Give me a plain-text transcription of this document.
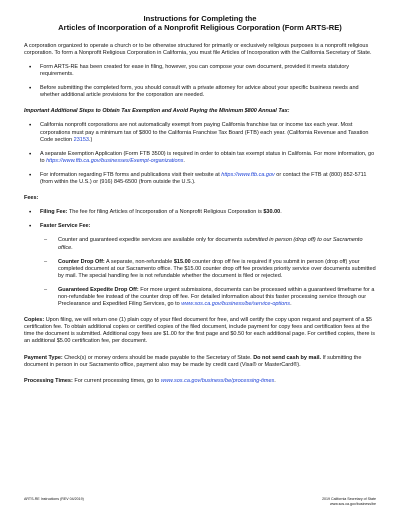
Instructions for Completing the
Articles of Incorporation of a Nonprofit Religious Corporation (Form ARTS-RE)

A corporation organized to operate a church or to be otherwise structured for primarily or exclusively religious purposes is a nonprofit religious corporation. To form a Nonprofit Religious Corporation in California, you must file Articles of Incorporation with the California Secretary of State.

• Form ARTS-RE has been created for ease in filing, however, you can compose your own document, provided it meets statutory requirements.
• Before submitting the completed form, you should consult with a private attorney for advice about your specific business needs and whether additional article provisions for the corporation are needed.

Important Additional Steps to Obtain Tax Exemption and Avoid Paying the Minimum $800 Annual Tax:

• California nonprofit corporations are not automatically exempt from paying California franchise tax or income tax each year. Most corporations must pay a minimum tax of $800 to the California Franchise Tax Board (FTB) each year. (California Revenue and Taxation Code section 23153.)
• A separate Exemption Application (Form FTB 3500) is required in order to obtain tax exempt status in California. For more information, go to https://www.ftb.ca.gov/businesses/Exempt-organizations.
• For information regarding FTB forms and publications visit their website at https://www.ftb.ca.gov or contact the FTB at (800) 852-5711 (from within the U.S.) or (916) 845-6500 (from outside the U.S.).

Fees:

• Filing Fee: The fee for filing Articles of Incorporation of a Nonprofit Religious Corporation is $30.00.
• Faster Service Fee:
– Counter and guaranteed expedite services are available only for documents submitted in person (drop off) to our Sacramento office.
– Counter Drop Off: A separate, non-refundable $15.00 counter drop off fee is required if you submit in person (drop off) your completed document at our Sacramento office. The $15.00 counter drop off fee provides priority service over documents submitted by mail. The special handling fee is not refundable whether the document is filed or rejected.
– Guaranteed Expedite Drop Off: For more urgent submissions, documents can be processed within a guaranteed timeframe for a non-refundable fee instead of the counter drop off fee. For detailed information about this faster processing service through our Preclearance and Expedited Filing Services, go to www.sos.ca.gov/business/be/service-options.

Copies: Upon filing, we will return one (1) plain copy of your filed document for free, and will certify the copy upon request and payment of a $5 certification fee. To obtain additional copies or certified copies of the filed document, include payment for copy fees and certification fees at the time the document is submitted. Additional copy fees are $1.00 for the first page and $0.50 for each additional page. For certified copies, there is an additional $5.00 certification fee, per document.

Payment Type: Check(s) or money orders should be made payable to the Secretary of State. Do not send cash by mail. If submitting the document in person in our Sacramento office, payment also may be made by credit card (Visa® or MasterCard®).

Processing Times: For current processing times, go to www.sos.ca.gov/business/be/processing-times.

ARTS-RE Instructions (REV 04/2019)	2019 California Secretary of State
www.sos.ca.gov/business/be
